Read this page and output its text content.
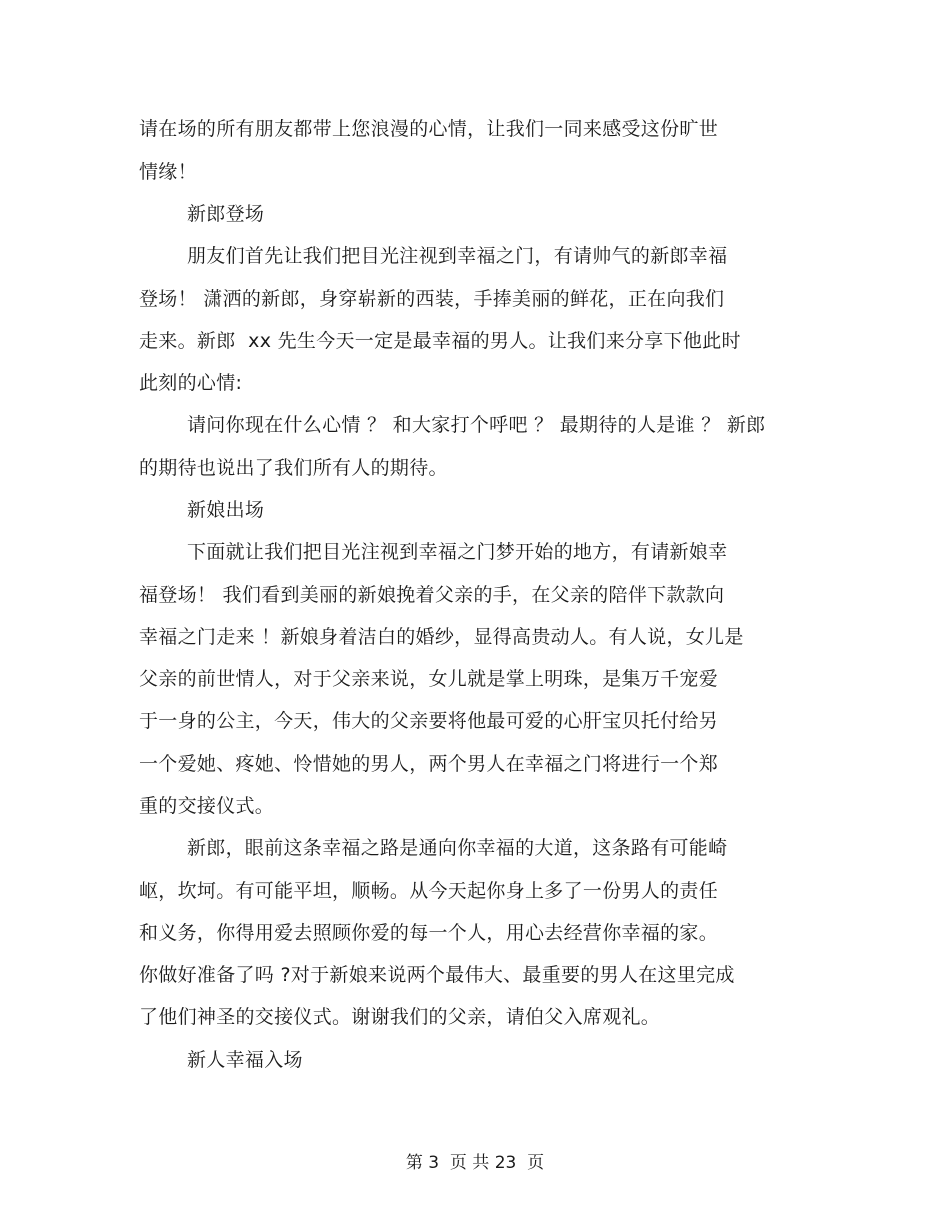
请在场的所有朋友都带上您浪漫的心情，让我们一同来感受这份旷世
情缘！
新郎登场
朋友们首先让我们把目光注视到幸福之门，有请帅气的新郎幸福
登场！ 潇洒的新郎，身穿崭新的西装，手捧美丽的鲜花，正在向我们
走来。新郎  xx 先生今天一定是最幸福的男人。让我们来分享下他此时
此刻的心情:
请问你现在什么心情 ？ 和大家打个呼吧 ？ 最期待的人是谁 ？ 新郎
的期待也说出了我们所有人的期待。
新娘出场
下面就让我们把目光注视到幸福之门梦开始的地方，有请新娘幸
福登场！ 我们看到美丽的新娘挽着父亲的手，在父亲的陪伴下款款向
幸福之门走来 ！新娘身着洁白的婚纱，显得高贵动人。有人说，女儿是
父亲的前世情人，对于父亲来说，女儿就是掌上明珠，是集万千宠爱
于一身的公主，今天，伟大的父亲要将他最可爱的心肝宝贝托付给另
一个爱她、疼她、怜惜她的男人，两个男人在幸福之门将进行一个郑
重的交接仪式。
新郎，眼前这条幸福之路是通向你幸福的大道，这条路有可能崎
岖，坎坷。有可能平坦，顺畅。从今天起你身上多了一份男人的责任
和义务，你得用爱去照顾你爱的每一个人，用心去经营你幸福的家。
你做好准备了吗 ?对于新娘来说两个最伟大、最重要的男人在这里完成
了他们神圣的交接仪式。谢谢我们的父亲，请伯父入席观礼。
新人幸福入场
第 3  页 共 23  页
